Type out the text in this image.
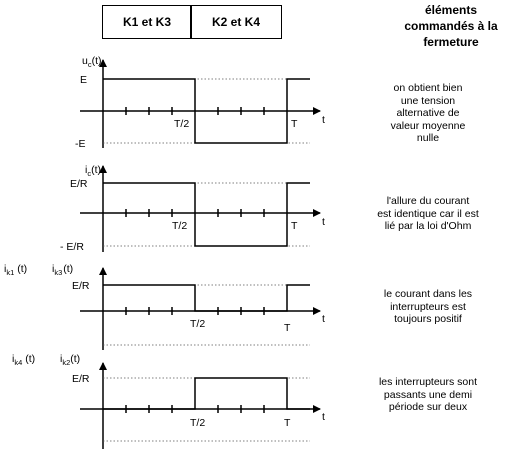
K1 et K3	K2 et K4
éléments
commandés à la
fermeture
$u_c(t)$
E
-E
T/2	T t
$i_c(t)$
E/R
- E/R
T/2	T t
$i_{k1}$ (t) $i_{k3}(t)$
E/R
T/2	T
t
$i_{k4}$ (t) $i_{k2}(t)$
E/R
T/2	T	t
on obtient bien
une tension
alternative de
valeur moyenne
nulle
l'allure du courant
est identique car il est
lié par la loi d'Ohm
le courant dans les
interrupteurs est
toujours positif
les interrupteurs sont
passants une demi
période sur deux
